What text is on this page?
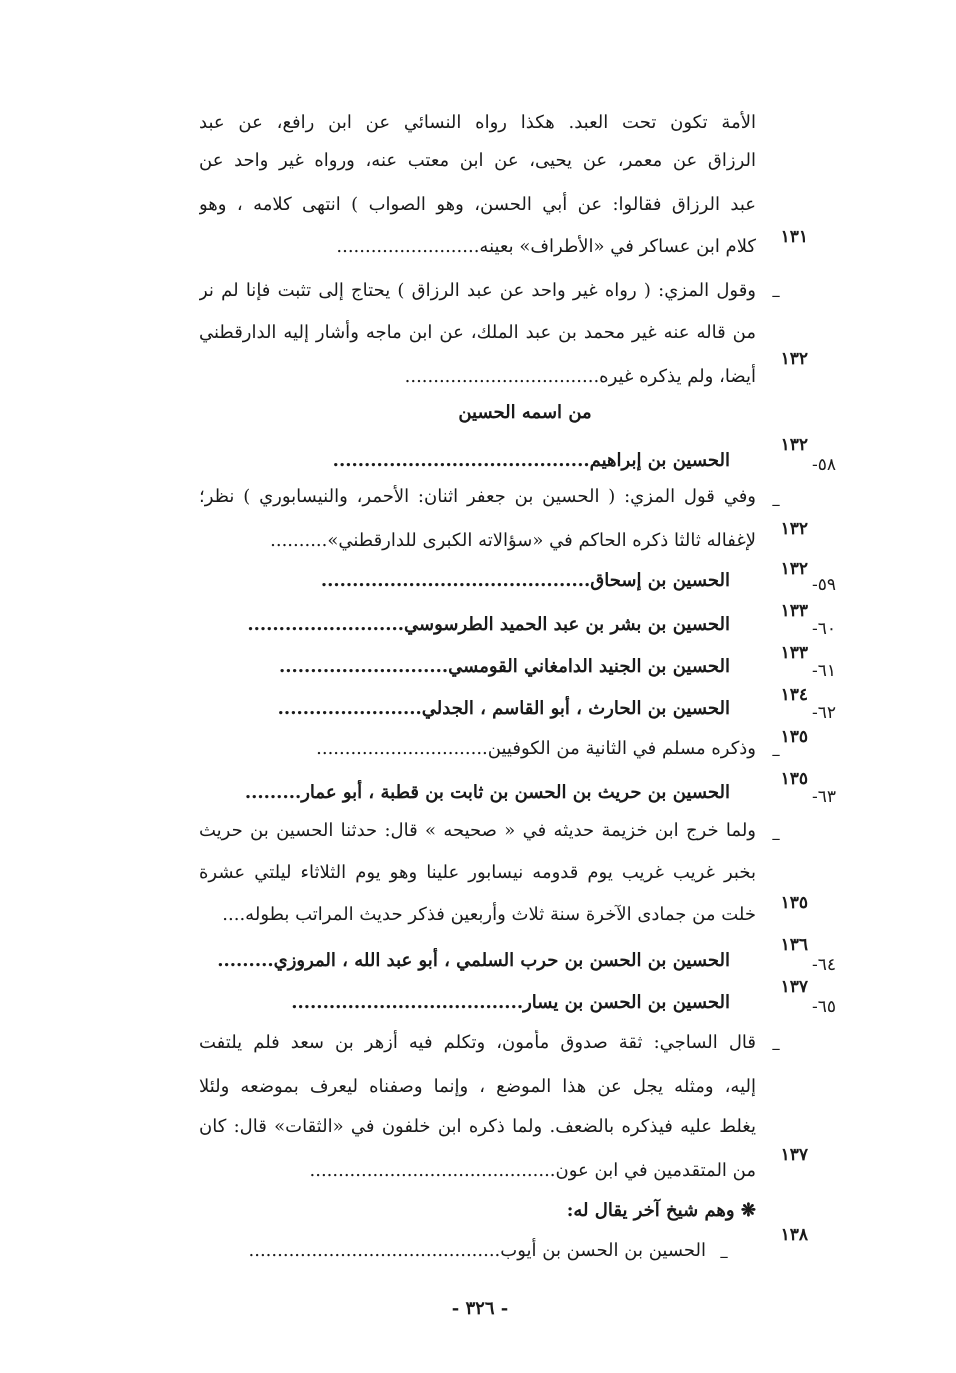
الأمة تكون تحت العبد. هكذا رواه النسائي عن ابن رافع، عن عبد
الرزاق عن معمر، عن يحيى، عن ابن معتب عنه، ورواه غير واحد عن
عبد الرزاق فقالوا: عن أبي الحسن، وهو الصواب ) انتهى كلامه ، وهو
كلام ابن عساكر في «الأطراف» بعينه.........................	١٣١
–
وقول المزي: ( رواه غير واحد عن عبد الرزاق ) يحتاج إلى تثبت فإنا لم نر
من قاله عنه غير محمد بن عبد الملك، عن ابن ماجه وأشار إليه الدارقطني
أيضا، ولم يذكره غيره..................................
١٣٢
من اسمه الحسين
٥٨-
الحسين بن إبراهيم.........................................
١٣٢
–
وفي قول المزي: ( الحسين بن جعفر اثنان: الأحمر، والنيسابوري ) نظر؛
لإغفاله ثالثا ذكره الحاكم في «سؤالاته الكبرى للدارقطني»..........
١٣٢
٥٩-
الحسين بن إسحاق...........................................
١٣٢
٦٠-
الحسين بن بشر بن عبد الحميد الطرسوسي.........................
١٣٣
٦١-
الحسين بن الجنيد الدامغاني القومسي...........................
١٣٣
٦٢-
الحسين بن الحارث ، أبو القاسم ، الجدلي.......................
١٣٤
–
وذكره مسلم في الثانية من الكوفيين..............................
١٣٥
٦٣-
الحسين بن حريث بن الحسن بن ثابت بن قطبة ، أبو عمار.........
١٣٥
–
ولما خرج ابن خزيمة حديثه في « صحيحه » قال: حدثنا الحسين بن حريث
بخبر غريب غريب يوم قدومه نيسابور علينا وهو يوم الثلاثاء ليلتي عشرة
خلت من جمادى الآخرة سنة ثلاث وأربعين فذكر حديث المراتب بطوله....
١٣٥
٦٤-
الحسين بن الحسن بن حرب السلمي ، أبو عبد الله ، المروزي.........
١٣٦
٦٥-
الحسين بن الحسن بن يسار.....................................
١٣٧
–
قال الساجي: ثقة صدوق مأمون، وتكلم فيه أزهر بن سعد فلم يلتفت
إليه، ومثله يجل عن هذا الموضع ، وإنما وصفناه ليعرف بموضعه ولئلا
يغلط عليه فيذكره بالضعف. ولما ذكره ابن خلفون في «الثقات» قال: كان
من المتقدمين في ابن عون...........................................
١٣٧
❋ وهم شيخ آخر يقال له:
–
الحسين بن الحسن بن أيوب............................................
١٣٨
- ٣٢٦ -
